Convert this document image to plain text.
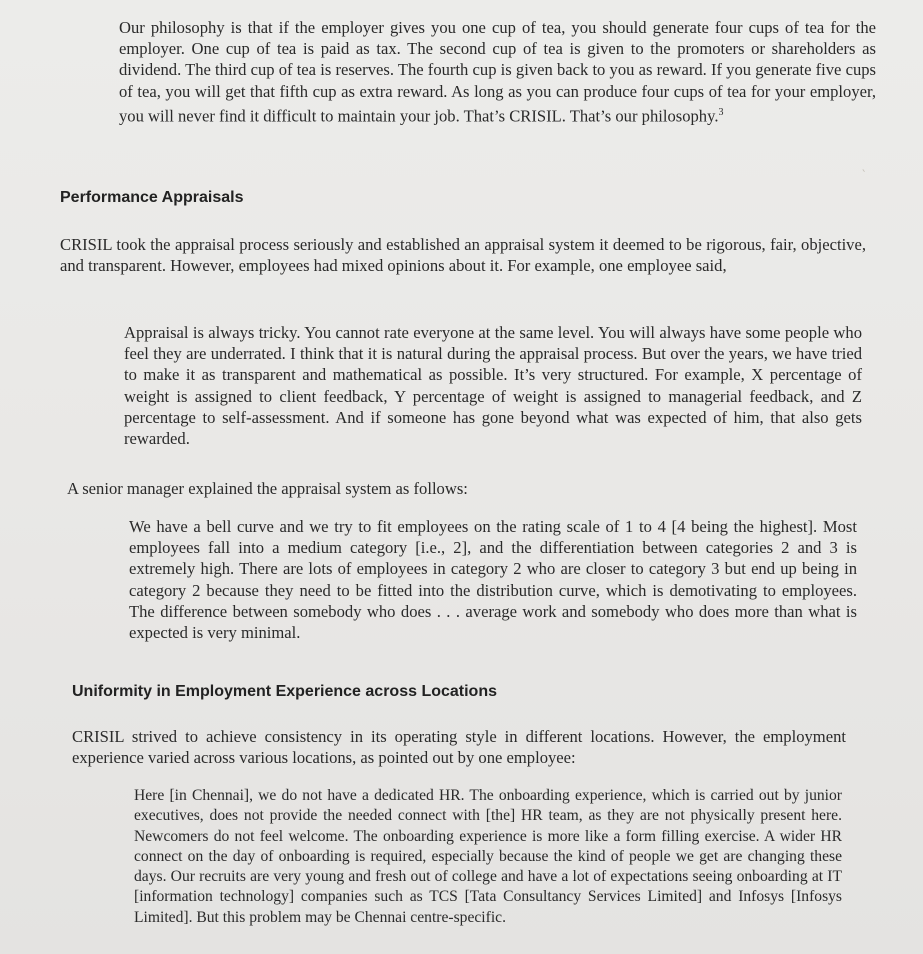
Our philosophy is that if the employer gives you one cup of tea, you should generate four cups of tea for the employer. One cup of tea is paid as tax. The second cup of tea is given to the promoters or shareholders as dividend. The third cup of tea is reserves. The fourth cup is given back to you as reward. If you generate five cups of tea, you will get that fifth cup as extra reward. As long as you can produce four cups of tea for your employer, you will never find it difficult to maintain your job. That’s CRISIL. That’s our philosophy.$^3$

‵
Performance Appraisals

CRISIL took the appraisal process seriously and established an appraisal system it deemed to be rigorous, fair, objective, and transparent. However, employees had mixed opinions about it. For example, one employee said,

Appraisal is always tricky. You cannot rate everyone at the same level. You will always have some people who feel they are underrated. I think that it is natural during the appraisal process. But over the years, we have tried to make it as transparent and mathematical as possible. It’s very structured. For example, X percentage of weight is assigned to client feedback, Y percentage of weight is assigned to managerial feedback, and Z percentage to self-assessment. And if someone has gone beyond what was expected of him, that also gets rewarded.

A senior manager explained the appraisal system as follows:

We have a bell curve and we try to fit employees on the rating scale of 1 to 4 [4 being the highest]. Most employees fall into a medium category [i.e., 2], and the differentiation between categories 2 and 3 is extremely high. There are lots of employees in category 2 who are closer to category 3 but end up being in category 2 because they need to be fitted into the distribution curve, which is demotivating to employees. The difference between somebody who does . . . average work and somebody who does more than what is expected is very minimal.

Uniformity in Employment Experience across Locations

CRISIL strived to achieve consistency in its operating style in different locations. However, the employment experience varied across various locations, as pointed out by one employee:

Here [in Chennai], we do not have a dedicated HR. The onboarding experience, which is carried out by junior executives, does not provide the needed connect with [the] HR team, as they are not physically present here. Newcomers do not feel welcome. The onboarding experience is more like a form filling exercise. A wider HR connect on the day of onboarding is required, especially because the kind of people we get are changing these days. Our recruits are very young and fresh out of college and have a lot of expectations seeing onboarding at IT [information technology] companies such as TCS [Tata Consultancy Services Limited] and Infosys [Infosys Limited]. But this problem may be Chennai centre-specific.
